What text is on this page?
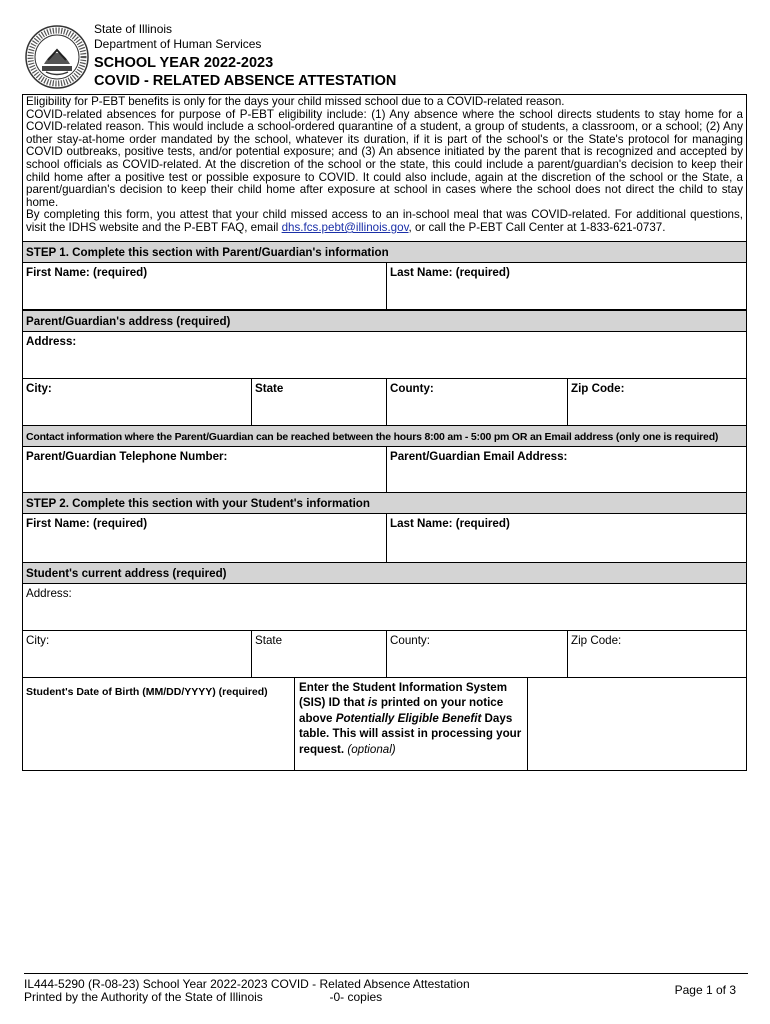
State of Illinois
Department of Human Services
SCHOOL YEAR 2022-2023
COVID - RELATED ABSENCE ATTESTATION

Eligibility for P-EBT benefits is only for the days your child missed school due to a COVID-related reason.

COVID-related absences for purpose of P-EBT eligibility include: (1) Any absence where the school directs students to stay home for a COVID-related reason. This would include a school-ordered quarantine of a student, a group of students, a classroom, or a school; (2) Any other stay-at-home order mandated by the school, whatever its duration, if it is part of the school's or the State's protocol for managing COVID outbreaks, positive tests, and/or potential exposure; and (3) An absence initiated by the parent that is recognized and accepted by school officials as COVID-related. At the discretion of the school or the state, this could include a parent/guardian's decision to keep their child home after a positive test or possible exposure to COVID. It could also include, again at the discretion of the school or the State, a parent/guardian's decision to keep their child home after exposure at school in cases where the school does not direct the child to stay home.

By completing this form, you attest that your child missed access to an in-school meal that was COVID-related. For additional questions, visit the IDHS website and the P-EBT FAQ, email dhs.fcs.pebt@illinois.gov, or call the P-EBT Call Center at 1-833-621-0737.

STEP 1. Complete this section with Parent/Guardian's information
First Name: (required)	Last Name: (required)
Parent/Guardian's address (required)
Address:
City:	State	County:	Zip Code:
Contact information where the Parent/Guardian can be reached between the hours 8:00 am - 5:00 pm OR an Email address (only one is required)
Parent/Guardian Telephone Number:	Parent/Guardian Email Address:
STEP 2. Complete this section with your Student's information
First Name: (required)	Last Name: (required)
Student's current address (required)
Address:
City:	State	County:	Zip Code:
Student's Date of Birth (MM/DD/YYYY) (required)	Enter the Student Information System (SIS) ID that is printed on your notice above Potentially Eligible Benefit Days table. This will assist in processing your request. (optional)
IL444-5290 (R-08-23) School Year 2022-2023 COVID - Related Absence Attestation
Printed by the Authority of the State of Illinois                    -0- copies	Page 1 of 3
